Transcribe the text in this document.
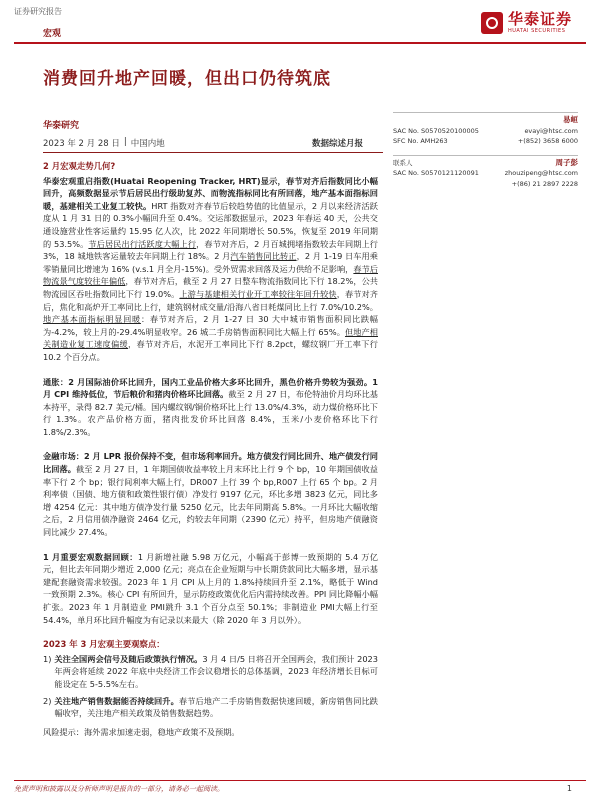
证券研究报告
宏观
华泰证券
HUATAI SECURITIES
消费回升地产回暖，但出口仍待筑底
华泰研究
2023 年 2 月 28 日 | 中国内地	数据综述月报
易峘
SAC No. S0570520100005	evayi@htsc.com
SFC No. AMH263	+(852) 3658 6000
联系人	周子彭
SAC No. S0570121120091	zhouzipeng@htsc.com
+(86) 21 2897 2228
2 月宏观走势几何?

华泰宏观重启指数(Huatai Reopening Tracker, HRT)显示，春节对齐后指数同比小幅回升，高频数据显示节后居民出行级助复苏、而物流指标同比有所回落，地产基本面指标回暖，基建相关工业复工较快。HRT 指数对齐春节后较趋势值的比值显示，2 月以来经济活跃度从 1 月 31 日的 0.3%小幅回升至 0.4%。交运部数据显示，2023 年春运 40 天，公共交通设施营业性客运量约 15.95 亿人次，比 2022 年同期增长 50.5%，恢复至 2019 年同期的 53.5%。节后居民出行活跃度大幅上行，春节对齐后，2 月百城拥堵指数较去年同期上行 3%，18 城地铁客运量较去年同期上行 18%。2 月汽车销售同比转正，2 月 1-19 日车用乘零销量同比增速为 16% (v.s.1 月全月-15%)。受外贸需求回落及运力供给不足影响，春节后物流景气度较往年偏低，春节对齐后，截至 2 月 27 日整车物流指数同比下行 18.2%，公共物流园区吞吐指数同比下行 19.0%。上游与基建相关行业开工率较往年回升较快，春节对齐后，焦化和高炉开工率同比上行，建筑钢材成交量/沿海八省日耗煤同比上行 7.0%/10.2%。地产基本面指标明显回暖：春节对齐后，2 月 1-27 日 30 大中城市销售面积同比跌幅为-4.2%，较上月的-29.4%明显收窄。26 城二手房销售面积同比大幅上行 65%。但地产相关制造业复工速度偏缓，春节对齐后，水泥开工率同比下行 8.2pct，螺纹钢厂开工率下行 10.2 个百分点。

通胀：2 月国际油价环比回升，国内工业品价格大多环比回升，黑色价格升势较为强劲。1 月 CPI 维持低位，节后粮价和猪肉价格环比回落。截至 2 月 27 日，布伦特油价月均环比基本持平，录得 82.7 美元/桶。国内螺纹钢/铜价格环比上行 13.0%/4.3%，动力煤价格环比下行 1.3%。农产品价格方面，猪肉批发价环比回落 8.4%，玉米/小麦价格环比下行 1.8%/2.3%。

金融市场：2 月 LPR 报价保持不变，但市场利率回升。地方债发行同比回升、地产债发行同比回落。截至 2 月 27 日，1 年期国债收益率较上月末环比上行 9 个 bp，10 年期国债收益率下行 2 个 bp；银行间利率大幅上行，DR007 上行 39 个 bp,R007 上行 65 个 bp。2 月利率债（国债、地方债和政策性银行债）净发行 9197 亿元，环比多增 3823 亿元，同比多增 4254 亿元：其中地方债净发行量 5250 亿元，比去年同期高 5.8%。一月环比大幅收缩之后，2 月信用债净融资 2464 亿元，约较去年同期（2390 亿元）持平，但房地产债融资同比减少 27.4%。

1 月重要宏观数据回顾：1 月新增社融 5.98 万亿元，小幅高于彭博一致预期的 5.4 万亿元，但比去年同期少增近 2,000 亿元；亮点在企业短期与中长期贷款同比大幅多增，显示基建配套融资需求较强。2023 年 1 月 CPI 从上月的 1.8%持续回升至 2.1%，略低于 Wind 一致预期 2.3%。核心 CPI 有所回升，显示防疫政策优化后内需持续改善。PPI 同比降幅小幅扩张。2023 年 1 月制造业 PMI跳升 3.1 个百分点至 50.1%；非制造业 PMI大幅上行至 54.4%，单月环比回升幅度为有记录以来最大（除 2020 年 3 月以外）。

2023 年 3 月宏观主要观察点：
1) 关注全国两会信号及随后政策执行情况。3 月 4 日/5 日将召开全国两会，我们预计 2023 年两会将延续 2022 年底中央经济工作会议稳增长的总体基调，2023 年经济增长目标可能设定在 5-5.5%左右。
2) 关注地产销售数据能否持续回升。春节后地产二手房销售数据快速回暖，新房销售同比跌幅收窄，关注地产相关政策及销售数据趋势。
风险提示：海外需求加速走弱，稳地产政策不及预期。
免责声明和披露以及分析师声明是报告的一部分，请务必一起阅读。	1
